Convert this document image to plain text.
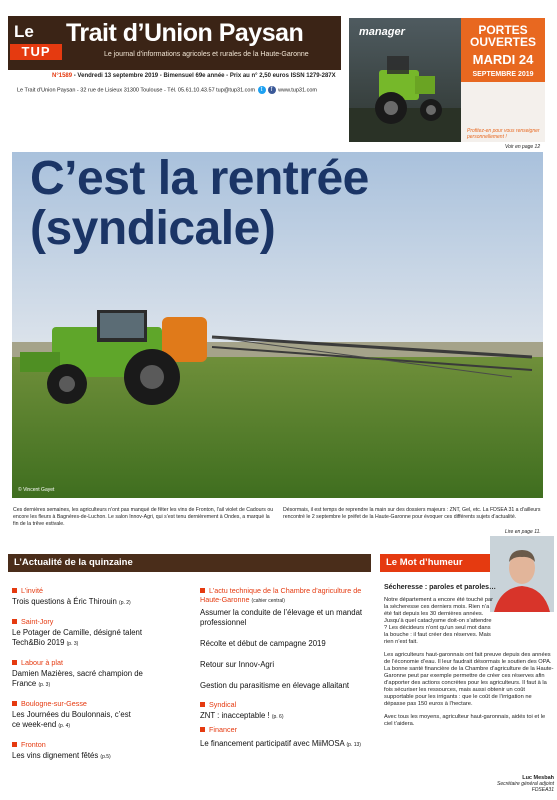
Le
TUP
Trait d’Union Paysan
Le journal d’informations agricoles et rurales de la Haute-Garonne
N°1589 - Vendredi 13 septembre 2019 - Bimensuel 69e année - Prix au n° 2,50 euros ISSN 1279-287X
Le Trait d’Union Paysan - 32 rue de Lisieux 31300 Toulouse - Tél. 05.61.10.43.57 tup@tup31.com t f www.tup31.com
manager	PORTES OUVERTES
MARDI 24
SEPTEMBRE 2019
Profitez-en pour vous renseigner personnellement !
Voir en page 12
C’est la rentrée
(syndicale)
© Vincent Gayet
Ces dernières semaines, les agriculteurs n’ont pas manqué de fêter les vins de Fronton, l’ail violet de Cadours ou encore les fleurs à Bagnères-de-Luchon. Le salon Innov-Agri, qui s’est tenu dernièrement à Ondes, a marqué la fin de la trêve estivale.
Désormais, il est temps de reprendre la main sur des dossiers majeurs : ZNT, Gel, etc. La FDSEA 31 a d’ailleurs rencontré le 2 septembre le préfet de la Haute-Garonne pour évoquer ces différents sujets d’actualité.
Lire en page 11.
L’Actualité de la quinzaine	Le Mot d’humeur
L’invité
Trois questions à Éric Thirouin (p. 2)
Saint-Jory
Le Potager de Camille, désigné talent Tech&Bio 2019 (p. 3)
Labour à plat
Damien Mazières, sacré champion de France (p. 3)
Boulogne-sur-Gesse
Les Journées du Boulonnais, c’est ce week-end (p. 4)
Fronton
Les vins dignement fêtés (p.5)
L’actu technique de la Chambre d’agriculture de Haute-Garonne (cahier central)
Assumer la conduite de l’élevage et un mandat professionnel
Récolte et début de campagne 2019
Retour sur Innov-Agri
Gestion du parasitisme en élevage allaitant
Syndical
ZNT : inacceptable ! (p. 6)
Financer
Le financement participatif avec MiiMOSA (p. 13)
Sécheresse : paroles et paroles…

Notre département a encore été touché par la sécheresse ces derniers mois. Rien n’a été fait depuis les 30 dernières années. Jusqu’à quel cataclysme doit-on s’attendre ? Les décideurs n’ont qu’un seul mot dans la bouche : il faut créer des réserves. Mais rien n’est fait.

Les agriculteurs haut-garonnais ont fait preuve depuis des années de l’économie d’eau. Il leur faudrait désormais le soutien des OPA. La bonne santé financière de la Chambre d’agriculture de la Haute-Garonne peut par exemple permettre de créer ces réserves afin d’apporter des actions concrètes pour les agriculteurs. Il faut à la fois sécuriser les ressources, mais aussi obtenir un coût supportable pour les irrigants : que le coût de l’irrigation ne dépasse pas 150 euros à l’hectare.

Avec tous les moyens, agriculteur haut-garonnais, aidés toi et le ciel t’aidera.

Luc Mesbah
Secrétaire général adjoint FDSEA31
